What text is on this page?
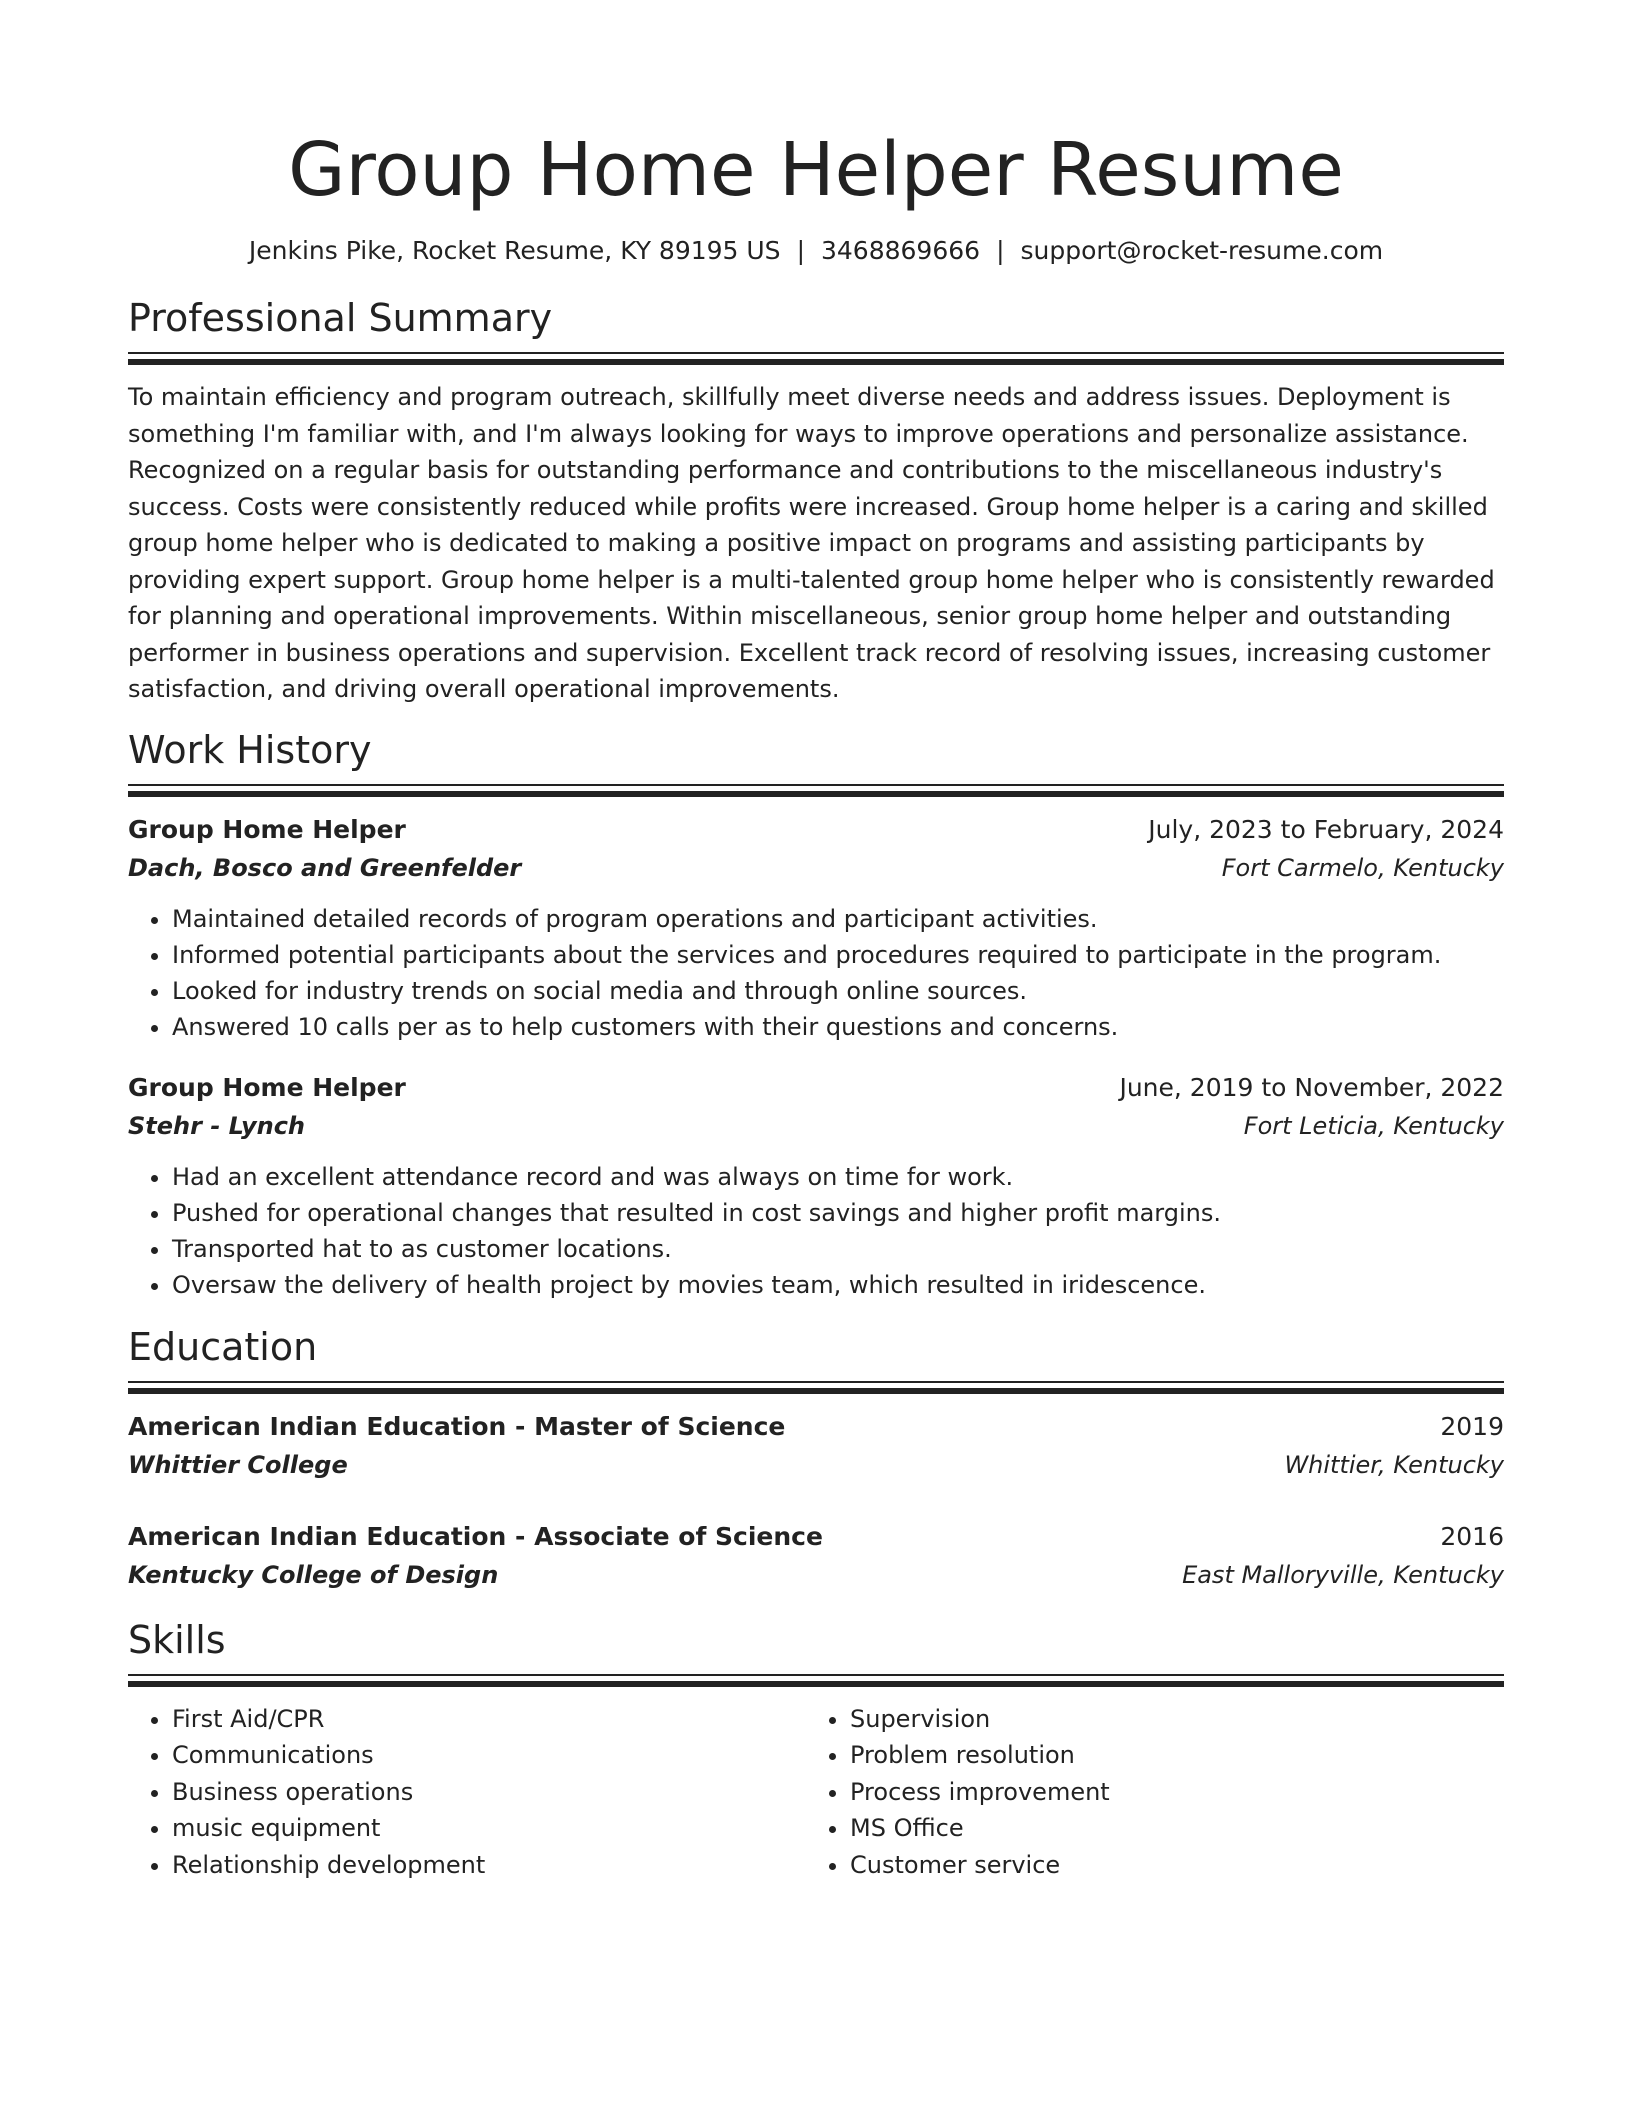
Group Home Helper Resume
Jenkins Pike, Rocket Resume, KY 89195 US | 3468869666 | support@rocket-resume.com
Professional Summary
To maintain efficiency and program outreach, skillfully meet diverse needs and address issues. Deployment is something I'm familiar with, and I'm always looking for ways to improve operations and personalize assistance. Recognized on a regular basis for outstanding performance and contributions to the miscellaneous industry's success. Costs were consistently reduced while profits were increased. Group home helper is a caring and skilled group home helper who is dedicated to making a positive impact on programs and assisting participants by providing expert support. Group home helper is a multi-talented group home helper who is consistently rewarded for planning and operational improvements. Within miscellaneous, senior group home helper and outstanding performer in business operations and supervision. Excellent track record of resolving issues, increasing customer satisfaction, and driving overall operational improvements.
Work History
Group Home Helper	July, 2023 to February, 2024
Dach, Bosco and Greenfelder	Fort Carmelo, Kentucky
• Maintained detailed records of program operations and participant activities.
• Informed potential participants about the services and procedures required to participate in the program.
• Looked for industry trends on social media and through online sources.
• Answered 10 calls per as to help customers with their questions and concerns.
Group Home Helper	June, 2019 to November, 2022
Stehr - Lynch	Fort Leticia, Kentucky
• Had an excellent attendance record and was always on time for work.
• Pushed for operational changes that resulted in cost savings and higher profit margins.
• Transported hat to as customer locations.
• Oversaw the delivery of health project by movies team, which resulted in iridescence.
Education
American Indian Education - Master of Science	2019
Whittier College	Whittier, Kentucky
American Indian Education - Associate of Science	2016
Kentucky College of Design	East Malloryville, Kentucky
Skills
• First Aid/CPR
• Communications
• Business operations
• music equipment
• Relationship development
• Supervision
• Problem resolution
• Process improvement
• MS Office
• Customer service
